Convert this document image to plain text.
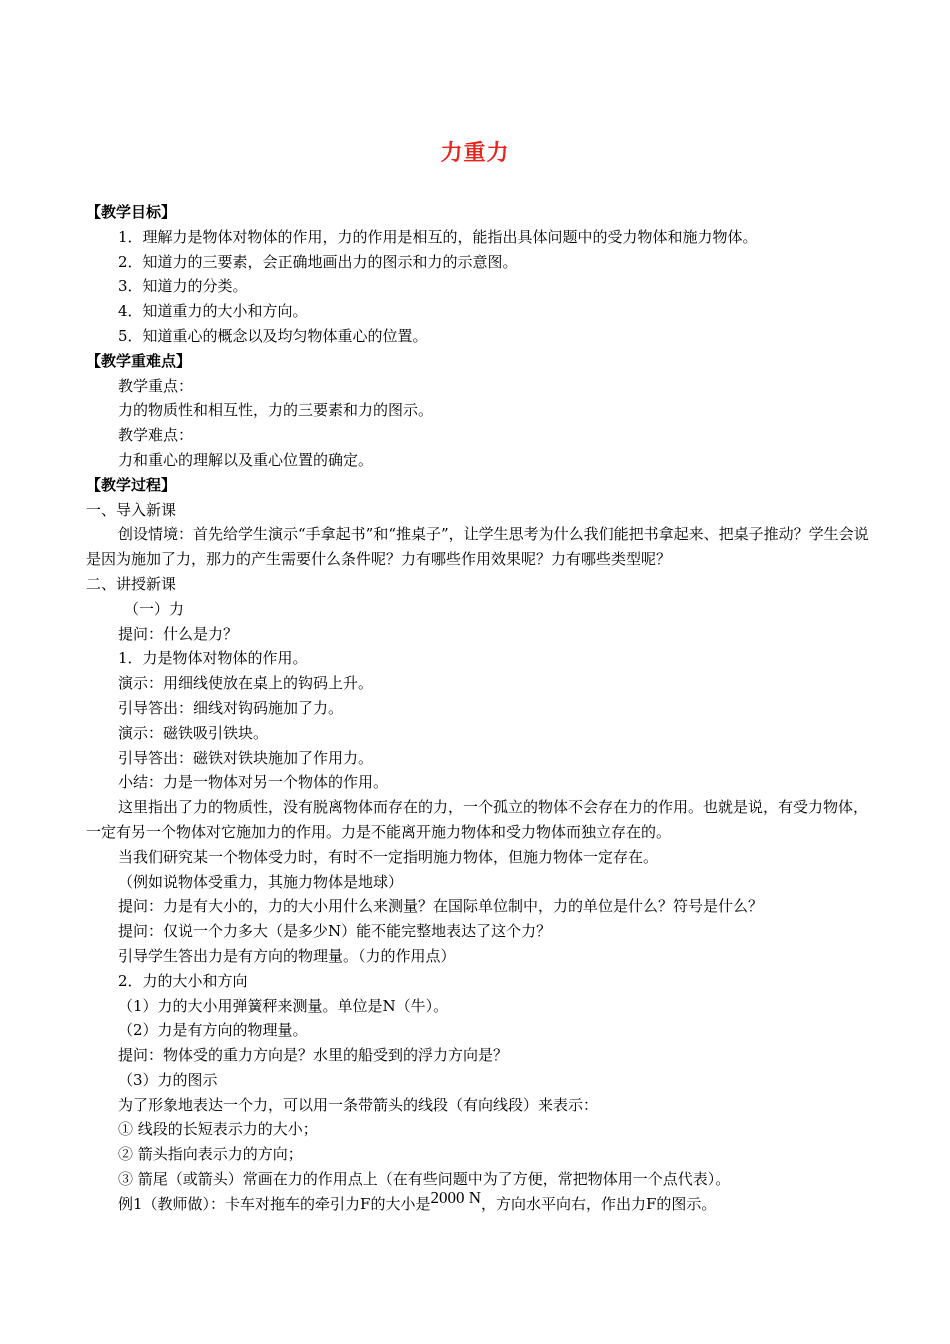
力重力
【教学目标】
1．理解力是物体对物体的作用，力的作用是相互的，能指出具体问题中的受力物体和施力物体。
2．知道力的三要素，会正确地画出力的图示和力的示意图。
3．知道力的分类。
4．知道重力的大小和方向。
5．知道重心的概念以及均匀物体重心的位置。
【教学重难点】
教学重点：
力的物质性和相互性，力的三要素和力的图示。
教学难点：
力和重心的理解以及重心位置的确定。
【教学过程】
一、导入新课
创设情境：首先给学生演示“手拿起书”和“推桌子”，让学生思考为什么我们能把书拿起来、把桌子推动？学生会说是因为施加了力，那力的产生需要什么条件呢？力有哪些作用效果呢？力有哪些类型呢？
二、讲授新课
（一）力
提问：什么是力？
1．力是物体对物体的作用。
演示：用细线使放在桌上的钩码上升。
引导答出：细线对钩码施加了力。
演示：磁铁吸引铁块。
引导答出：磁铁对铁块施加了作用力。
小结：力是一物体对另一个物体的作用。
这里指出了力的物质性，没有脱离物体而存在的力，一个孤立的物体不会存在力的作用。也就是说，有受力物体，一定有另一个物体对它施加力的作用。力是不能离开施力物体和受力物体而独立存在的。
当我们研究某一个物体受力时，有时不一定指明施力物体，但施力物体一定存在。
（例如说物体受重力，其施力物体是地球）
提问：力是有大小的，力的大小用什么来测量？在国际单位制中，力的单位是什么？符号是什么？
提问：仅说一个力多大（是多少N）能不能完整地表达了这个力？
引导学生答出力是有方向的物理量。（力的作用点）
2．力的大小和方向
（1）力的大小用弹簧秤来测量。单位是N（牛）。
（2）力是有方向的物理量。
提问：物体受的重力方向是？水里的船受到的浮力方向是？
（3）力的图示
为了形象地表达一个力，可以用一条带箭头的线段（有向线段）来表示：
① 线段的长短表示力的大小；
② 箭头指向表示力的方向；
③ 箭尾（或箭头）常画在力的作用点上（在有些问题中为了方便，常把物体用一个点代表）。
例1（教师做）：卡车对拖车的牵引力F的大小是2000 N，方向水平向右，作出力F的图示。
